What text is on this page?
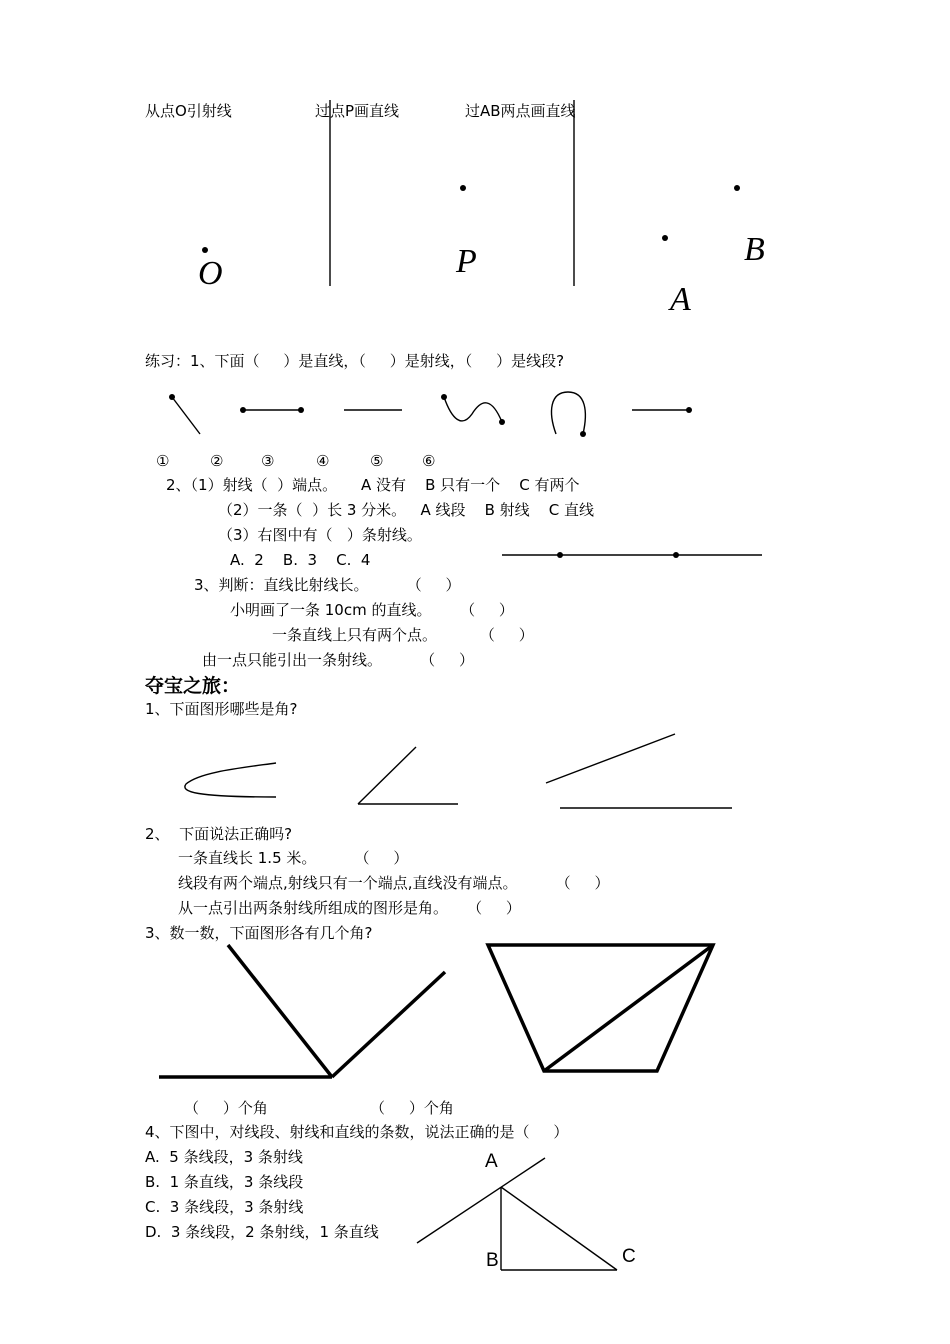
从点O引射线	过点P画直线	过AB两点画直线
O	P
A
B
练习：1、下面（     ）是直线，（     ）是射线，（     ）是线段?
①	②	③	④	⑤	⑥
2、（1）射线（  ）端点。     A 没有    B 只有一个    C 有两个
（2）一条（  ）长 3 分米。   A 线段    B 射线    C 直线
（3）右图中有（   ）条射线。
A.  2    B.  3    C.  4
3、判断：直线比射线长。        （     ）
小明画了一条 10cm 的直线。      （     ）
一条直线上只有两个点。         （     ）
由一点只能引出一条射线。        （     ）
夺宝之旅：
1、下面图形哪些是角?
2、  下面说法正确吗?
一条直线长 1.5 米。        （     ）
线段有两个端点,射线只有一个端点,直线没有端点。        （     ）
从一点引出两条射线所组成的图形是角。    （     ）
3、数一数，下面图形各有几个角?
（     ）个角	（     ）个角
4、下图中，对线段、射线和直线的条数，说法正确的是（     ）
A.  5 条线段，3 条射线
B.  1 条直线，3 条线段
C.  3 条线段，3 条射线
D.  3 条线段，2 条射线，1 条直线
A
B	C
